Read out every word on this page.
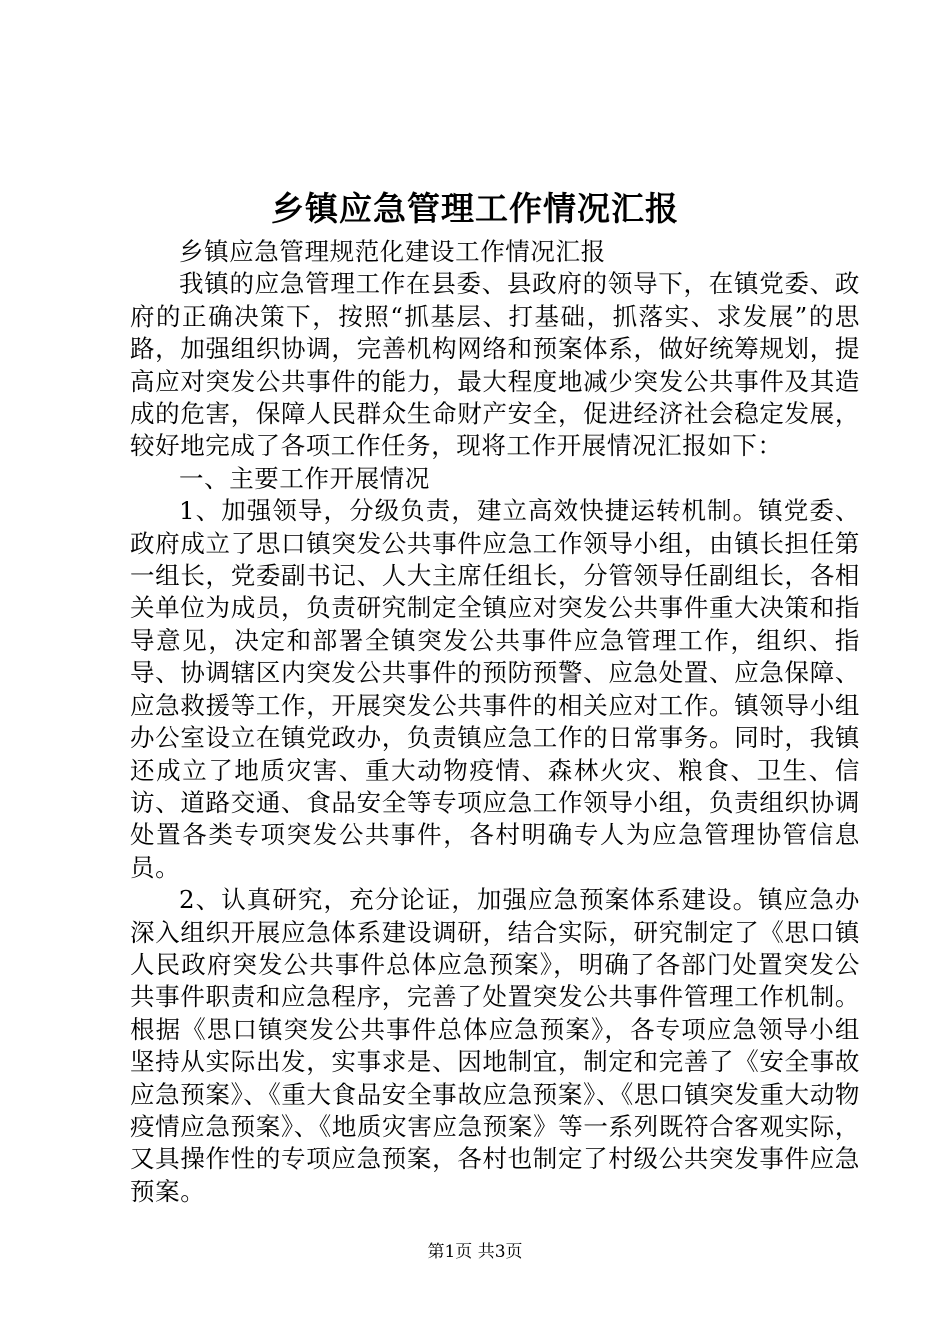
乡镇应急管理工作情况汇报

乡镇应急管理规范化建设工作情况汇报

我镇的应急管理工作在县委、县政府的领导下，在镇党委、政府的正确决策下，按照“抓基层、打基础，抓落实、求发展”的思路，加强组织协调，完善机构网络和预案体系，做好统筹规划，提高应对突发公共事件的能力，最大程度地减少突发公共事件及其造成的危害，保障人民群众生命财产安全，促进经济社会稳定发展，较好地完成了各项工作任务，现将工作开展情况汇报如下：

一、主要工作开展情况

1、加强领导，分级负责，建立高效快捷运转机制。镇党委、政府成立了思口镇突发公共事件应急工作领导小组，由镇长担任第一组长，党委副书记、人大主席任组长，分管领导任副组长，各相关单位为成员，负责研究制定全镇应对突发公共事件重大决策和指导意见，决定和部署全镇突发公共事件应急管理工作，组织、指导、协调辖区内突发公共事件的预防预警、应急处置、应急保障、应急救援等工作，开展突发公共事件的相关应对工作。镇领导小组办公室设立在镇党政办，负责镇应急工作的日常事务。同时，我镇还成立了地质灾害、重大动物疫情、森林火灾、粮食、卫生、信访、道路交通、食品安全等专项应急工作领导小组，负责组织协调处置各类专项突发公共事件，各村明确专人为应急管理协管信息员。

2、认真研究，充分论证，加强应急预案体系建设。镇应急办深入组织开展应急体系建设调研，结合实际，研究制定了《思口镇人民政府突发公共事件总体应急预案》，明确了各部门处置突发公共事件职责和应急程序，完善了处置突发公共事件管理工作机制。根据《思口镇突发公共事件总体应急预案》，各专项应急领导小组坚持从实际出发，实事求是、因地制宜，制定和完善了《安全事故应急预案》、《重大食品安全事故应急预案》、《思口镇突发重大动物疫情应急预案》、《地质灾害应急预案》等一系列既符合客观实际，又具操作性的专项应急预案，各村也制定了村级公共突发事件应急预案。

第1页 共3页
